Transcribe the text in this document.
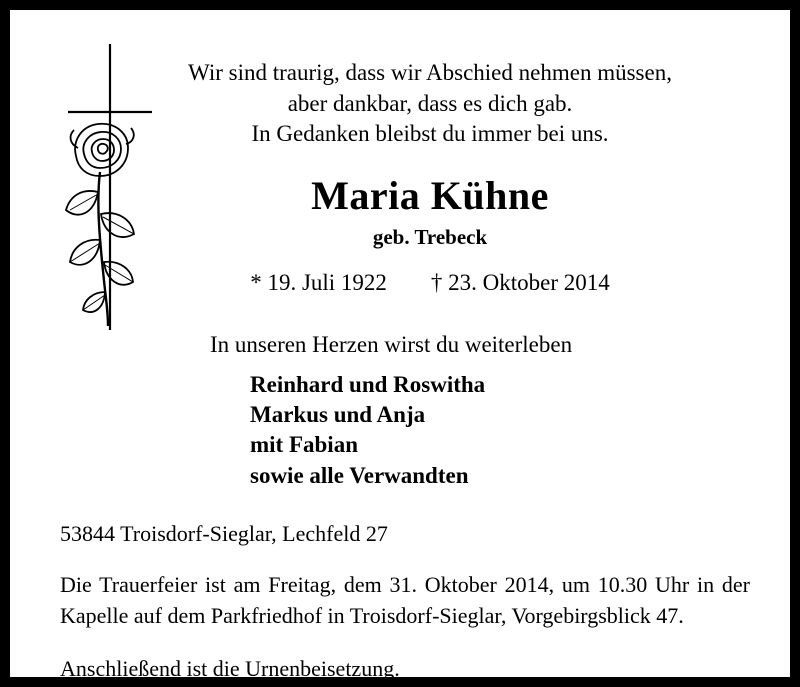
Wir sind traurig, dass wir Abschied nehmen müssen,
aber dankbar, dass es dich gab.
In Gedanken bleibst du immer bei uns.
Maria Kühne
geb. Trebeck
* 19. Juli 1922 † 23. Oktober 2014
In unseren Herzen wirst du weiterleben
Reinhard und Roswitha
Markus und Anja
mit Fabian
sowie alle Verwandten
53844 Troisdorf-Sieglar, Lechfeld 27
Die Trauerfeier ist am Freitag, dem 31. Oktober 2014, um 10.30 Uhr in der Kapelle auf dem Parkfriedhof in Troisdorf-Sieglar, Vorgebirgsblick 47.
Anschließend ist die Urnenbeisetzung.
